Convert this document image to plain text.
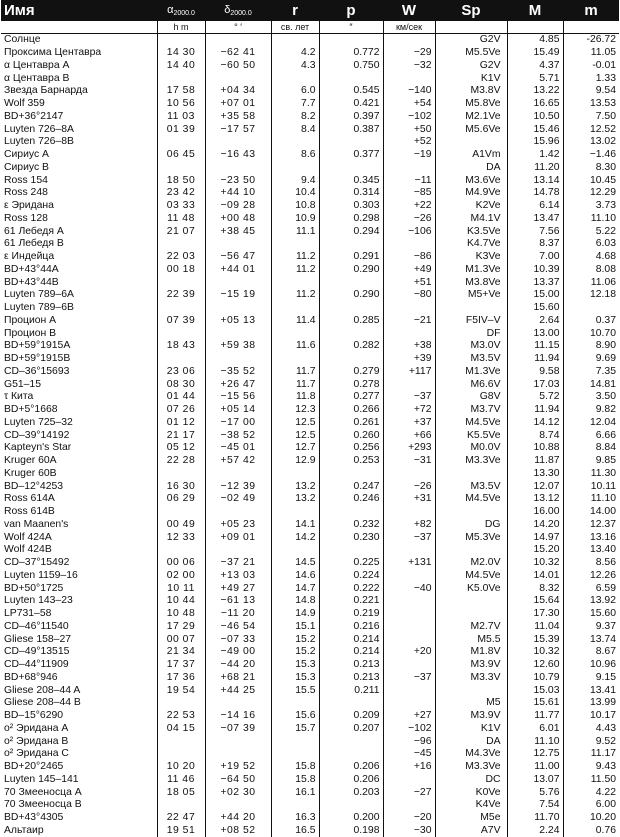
Имя	$\alpha_{2000.0}$	$\delta_{2000.0}$	r	p	W	Sp	M	m
	h m	° ′	св. лет	″	км/сек			
Солнце						G2V	4.85	-26.72
Проксима Центавра	14 30	−62 41	4.2	0.772	−29	M5.5Ve	15.49	11.05
α Центавра А	14 40	−60 50	4.3	0.750	−32	G2V	4.37	-0.01
α Центавра В						K1V	5.71	1.33
Звезда Барнарда	17 58	+04 34	6.0	0.545	−140	M3.8V	13.22	9.54
Wolf 359	10 56	+07 01	7.7	0.421	+54	M5.8Ve	16.65	13.53
BD+36°2147	11 03	+35 58	8.2	0.397	−102	M2.1Ve	10.50	7.50
Luyten 726–8A	01 39	−17 57	8.4	0.387	+50	M5.6Ve	15.46	12.52
Luyten 726–8B					+52		15.96	13.02
Сириус А	06 45	−16 43	8.6	0.377	−19	A1Vm	1.42	−1.46
Сириус В						DA	11.20	8.30
Ross 154	18 50	−23 50	9.4	0.345	−11	M3.6Ve	13.14	10.45
Ross 248	23 42	+44 10	10.4	0.314	−85	M4.9Ve	14.78	12.29
ε Эридана	03 33	−09 28	10.8	0.303	+22	K2Ve	6.14	3.73
Ross 128	11 48	+00 48	10.9	0.298	−26	M4.1V	13.47	11.10
61 Лебедя А	21 07	+38 45	11.1	0.294	−106	K3.5Ve	7.56	5.22
61 Лебедя В						K4.7Ve	8.37	6.03
ε Индейца	22 03	−56 47	11.2	0.291	−86	K3Ve	7.00	4.68
BD+43°44A	00 18	+44 01	11.2	0.290	+49	M1.3Ve	10.39	8.08
BD+43°44B					+51	M3.8Ve	13.37	11.06
Luyten 789–6A	22 39	−15 19	11.2	0.290	−80	M5+Ve	15.00	12.18
Luyten 789–6B							15.60	
Процион А	07 39	+05 13	11.4	0.285	−21	F5IV–V	2.64	0.37
Процион В						DF	13.00	10.70
BD+59°1915A	18 43	+59 38	11.6	0.282	+38	M3.0V	11.15	8.90
BD+59°1915B					+39	M3.5V	11.94	9.69
CD–36°15693	23 06	−35 52	11.7	0.279	+117	M1.3Ve	9.58	7.35
G51–15	08 30	+26 47	11.7	0.278		M6.6V	17.03	14.81
τ Кита	01 44	−15 56	11.8	0.277	−37	G8V	5.72	3.50
BD+5°1668	07 26	+05 14	12.3	0.266	+72	M3.7V	11.94	9.82
Luyten 725–32	01 12	−17 00	12.5	0.261	+37	M4.5Ve	14.12	12.04
CD–39°14192	21 17	−38 52	12.5	0.260	+66	K5.5Ve	8.74	6.66
Kapteyn's Star	05 12	−45 01	12.7	0.256	+293	M0.0V	10.88	8.84
Kruger 60A	22 28	+57 42	12.9	0.253	−31	M3.3Ve	11.87	9.85
Kruger 60B							13.30	11.30
BD–12°4253	16 30	−12 39	13.2	0.247	−26	M3.5V	12.07	10.11
Ross 614A	06 29	−02 49	13.2	0.246	+31	M4.5Ve	13.12	11.10
Ross 614B							16.00	14.00
van Maanen's	00 49	+05 23	14.1	0.232	+82	DG	14.20	12.37
Wolf 424A	12 33	+09 01	14.2	0.230	−37	M5.3Ve	14.97	13.16
Wolf 424B							15.20	13.40
CD–37°15492	00 06	−37 21	14.5	0.225	+131	M2.0V	10.32	8.56
Luyten 1159–16	02 00	+13 03	14.6	0.224		M4.5Ve	14.01	12.26
BD+50°1725	10 11	+49 27	14.7	0.222	−40	K5.0Ve	8.32	6.59
Luyten 143–23	10 44	−61 13	14.8	0.221			15.64	13.92
LP731–58	10 48	−11 20	14.9	0.219			17.30	15.60
CD–46°11540	17 29	−46 54	15.1	0.216		M2.7V	11.04	9.37
Gliese 158–27	00 07	−07 33	15.2	0.214		M5.5	15.39	13.74
CD–49°13515	21 34	−49 00	15.2	0.214	+20	M1.8V	10.32	8.67
CD–44°11909	17 37	−44 20	15.3	0.213		M3.9V	12.60	10.96
BD+68°946	17 36	+68 21	15.3	0.213	−37	M3.3V	10.79	9.15
Gliese 208–44 A	19 54	+44 25	15.5	0.211			15.03	13.41
Gliese 208–44 B						M5	15.61	13.99
BD–15°6290	22 53	−14 16	15.6	0.209	+27	M3.9V	11.77	10.17
o² Эридана А	04 15	−07 39	15.7	0.207	−102	K1V	6.01	4.43
o² Эридана В					−96	DA	11.10	9.52
o² Эридана С					−45	M4.3Ve	12.75	11.17
BD+20°2465	10 20	+19 52	15.8	0.206	+16	M3.3Ve	11.00	9.43
Luyten 145–141	11 46	−64 50	15.8	0.206		DC	13.07	11.50
70 Змееносца А	18 05	+02 30	16.1	0.203	−27	K0Ve	5.76	4.22
70 Змееносца В						K4Ve	7.54	6.00
BD+43°4305	22 47	+44 20	16.3	0.200	−20	M5e	11.70	10.20
Альтаир	19 51	+08 52	16.5	0.198	−30	A7V	2.24	0.76
